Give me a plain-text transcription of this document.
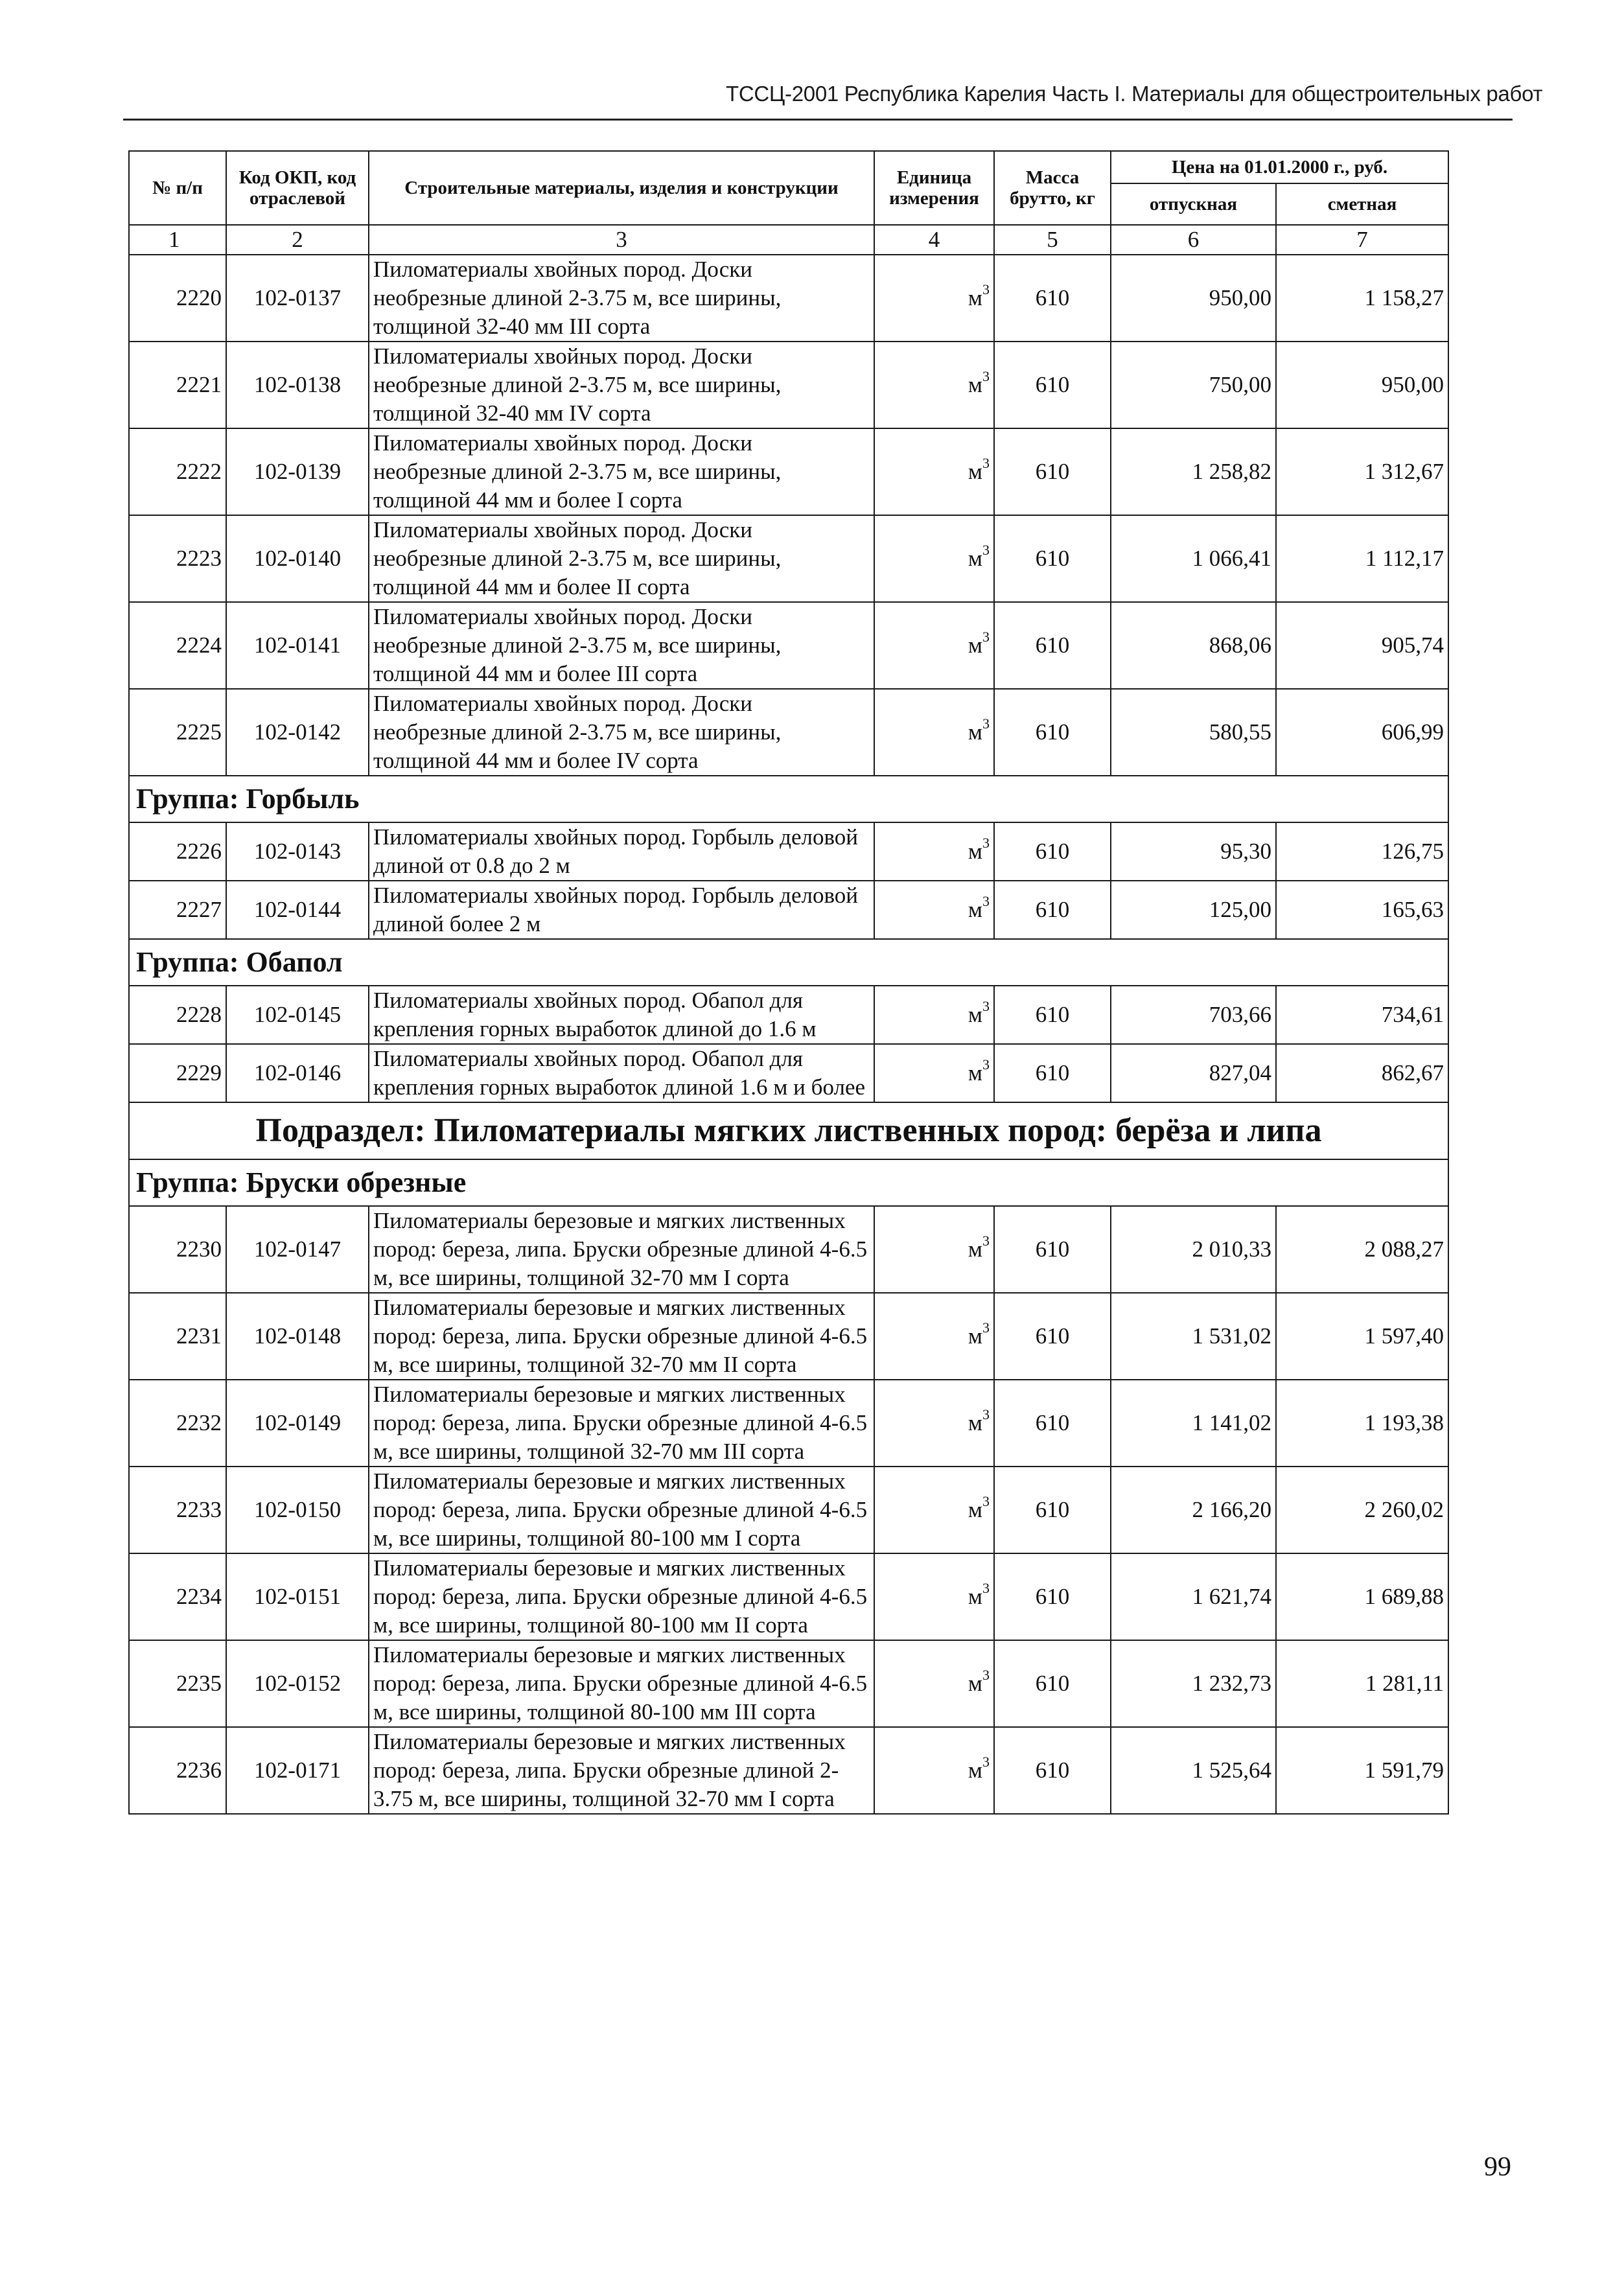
ТССЦ-2001 Республика Карелия Часть I. Материалы для общестроительных работ
№ п/п	Код ОКП, код отраслевой	Строительные материалы, изделия и конструкции	Единица измерения	Масса брутто, кг	Цена на 01.01.2000 г., руб.	
					отпускная	сметная
1	2	3	4	5	6	7
2220	102-0137	Пиломатериалы хвойных пород. Доски необрезные длиной 2-3.75 м, все ширины, толщиной 32-40 мм III сорта	$м^3$	610	950,00	1 158,27
2221	102-0138	Пиломатериалы хвойных пород. Доски необрезные длиной 2-3.75 м, все ширины, толщиной 32-40 мм IV сорта	$м^3$	610	750,00	950,00
2222	102-0139	Пиломатериалы хвойных пород. Доски необрезные длиной 2-3.75 м, все ширины, толщиной 44 мм и более I сорта	$м^3$	610	1 258,82	1 312,67
2223	102-0140	Пиломатериалы хвойных пород. Доски необрезные длиной 2-3.75 м, все ширины, толщиной 44 мм и более II сорта	$м^3$	610	1 066,41	1 112,17
2224	102-0141	Пиломатериалы хвойных пород. Доски необрезные длиной 2-3.75 м, все ширины, толщиной 44 мм и более III сорта	$м^3$	610	868,06	905,74
2225	102-0142	Пиломатериалы хвойных пород. Доски необрезные длиной 2-3.75 м, все ширины, толщиной 44 мм и более IV сорта	$м^3$	610	580,55	606,99
Группа: Горбыль						
2226	102-0143	Пиломатериалы хвойных пород. Горбыль деловой длиной от 0.8 до 2 м	$м^3$	610	95,30	126,75
2227	102-0144	Пиломатериалы хвойных пород. Горбыль деловой длиной более 2 м	$м^3$	610	125,00	165,63
Группа: Обапол						
2228	102-0145	Пиломатериалы хвойных пород. Обапол для крепления горных выработок длиной до 1.6 м	$м^3$	610	703,66	734,61
2229	102-0146	Пиломатериалы хвойных пород. Обапол для крепления горных выработок длиной 1.6 м и более	$м^3$	610	827,04	862,67
Подраздел: Пиломатериалы мягких лиственных пород: берёза и липа						
Группа: Бруски обрезные						
2230	102-0147	Пиломатериалы березовые и мягких лиственных пород: береза, липа. Бруски обрезные длиной 4-6.5 м, все ширины, толщиной 32-70 мм I сорта	$м^3$	610	2 010,33	2 088,27
2231	102-0148	Пиломатериалы березовые и мягких лиственных пород: береза, липа. Бруски обрезные длиной 4-6.5 м, все ширины, толщиной 32-70 мм II сорта	$м^3$	610	1 531,02	1 597,40
2232	102-0149	Пиломатериалы березовые и мягких лиственных пород: береза, липа. Бруски обрезные длиной 4-6.5 м, все ширины, толщиной 32-70 мм III сорта	$м^3$	610	1 141,02	1 193,38
2233	102-0150	Пиломатериалы березовые и мягких лиственных пород: береза, липа. Бруски обрезные длиной 4-6.5 м, все ширины, толщиной 80-100 мм I сорта	$м^3$	610	2 166,20	2 260,02
2234	102-0151	Пиломатериалы березовые и мягких лиственных пород: береза, липа. Бруски обрезные длиной 4-6.5 м, все ширины, толщиной 80-100 мм II сорта	$м^3$	610	1 621,74	1 689,88
2235	102-0152	Пиломатериалы березовые и мягких лиственных пород: береза, липа. Бруски обрезные длиной 4-6.5 м, все ширины, толщиной 80-100 мм III сорта	$м^3$	610	1 232,73	1 281,11
2236	102-0171	Пиломатериалы березовые и мягких лиственных пород: береза, липа. Бруски обрезные длиной 2-3.75 м, все ширины, толщиной 32-70 мм I сорта	$м^3$	610	1 525,64	1 591,79
99
